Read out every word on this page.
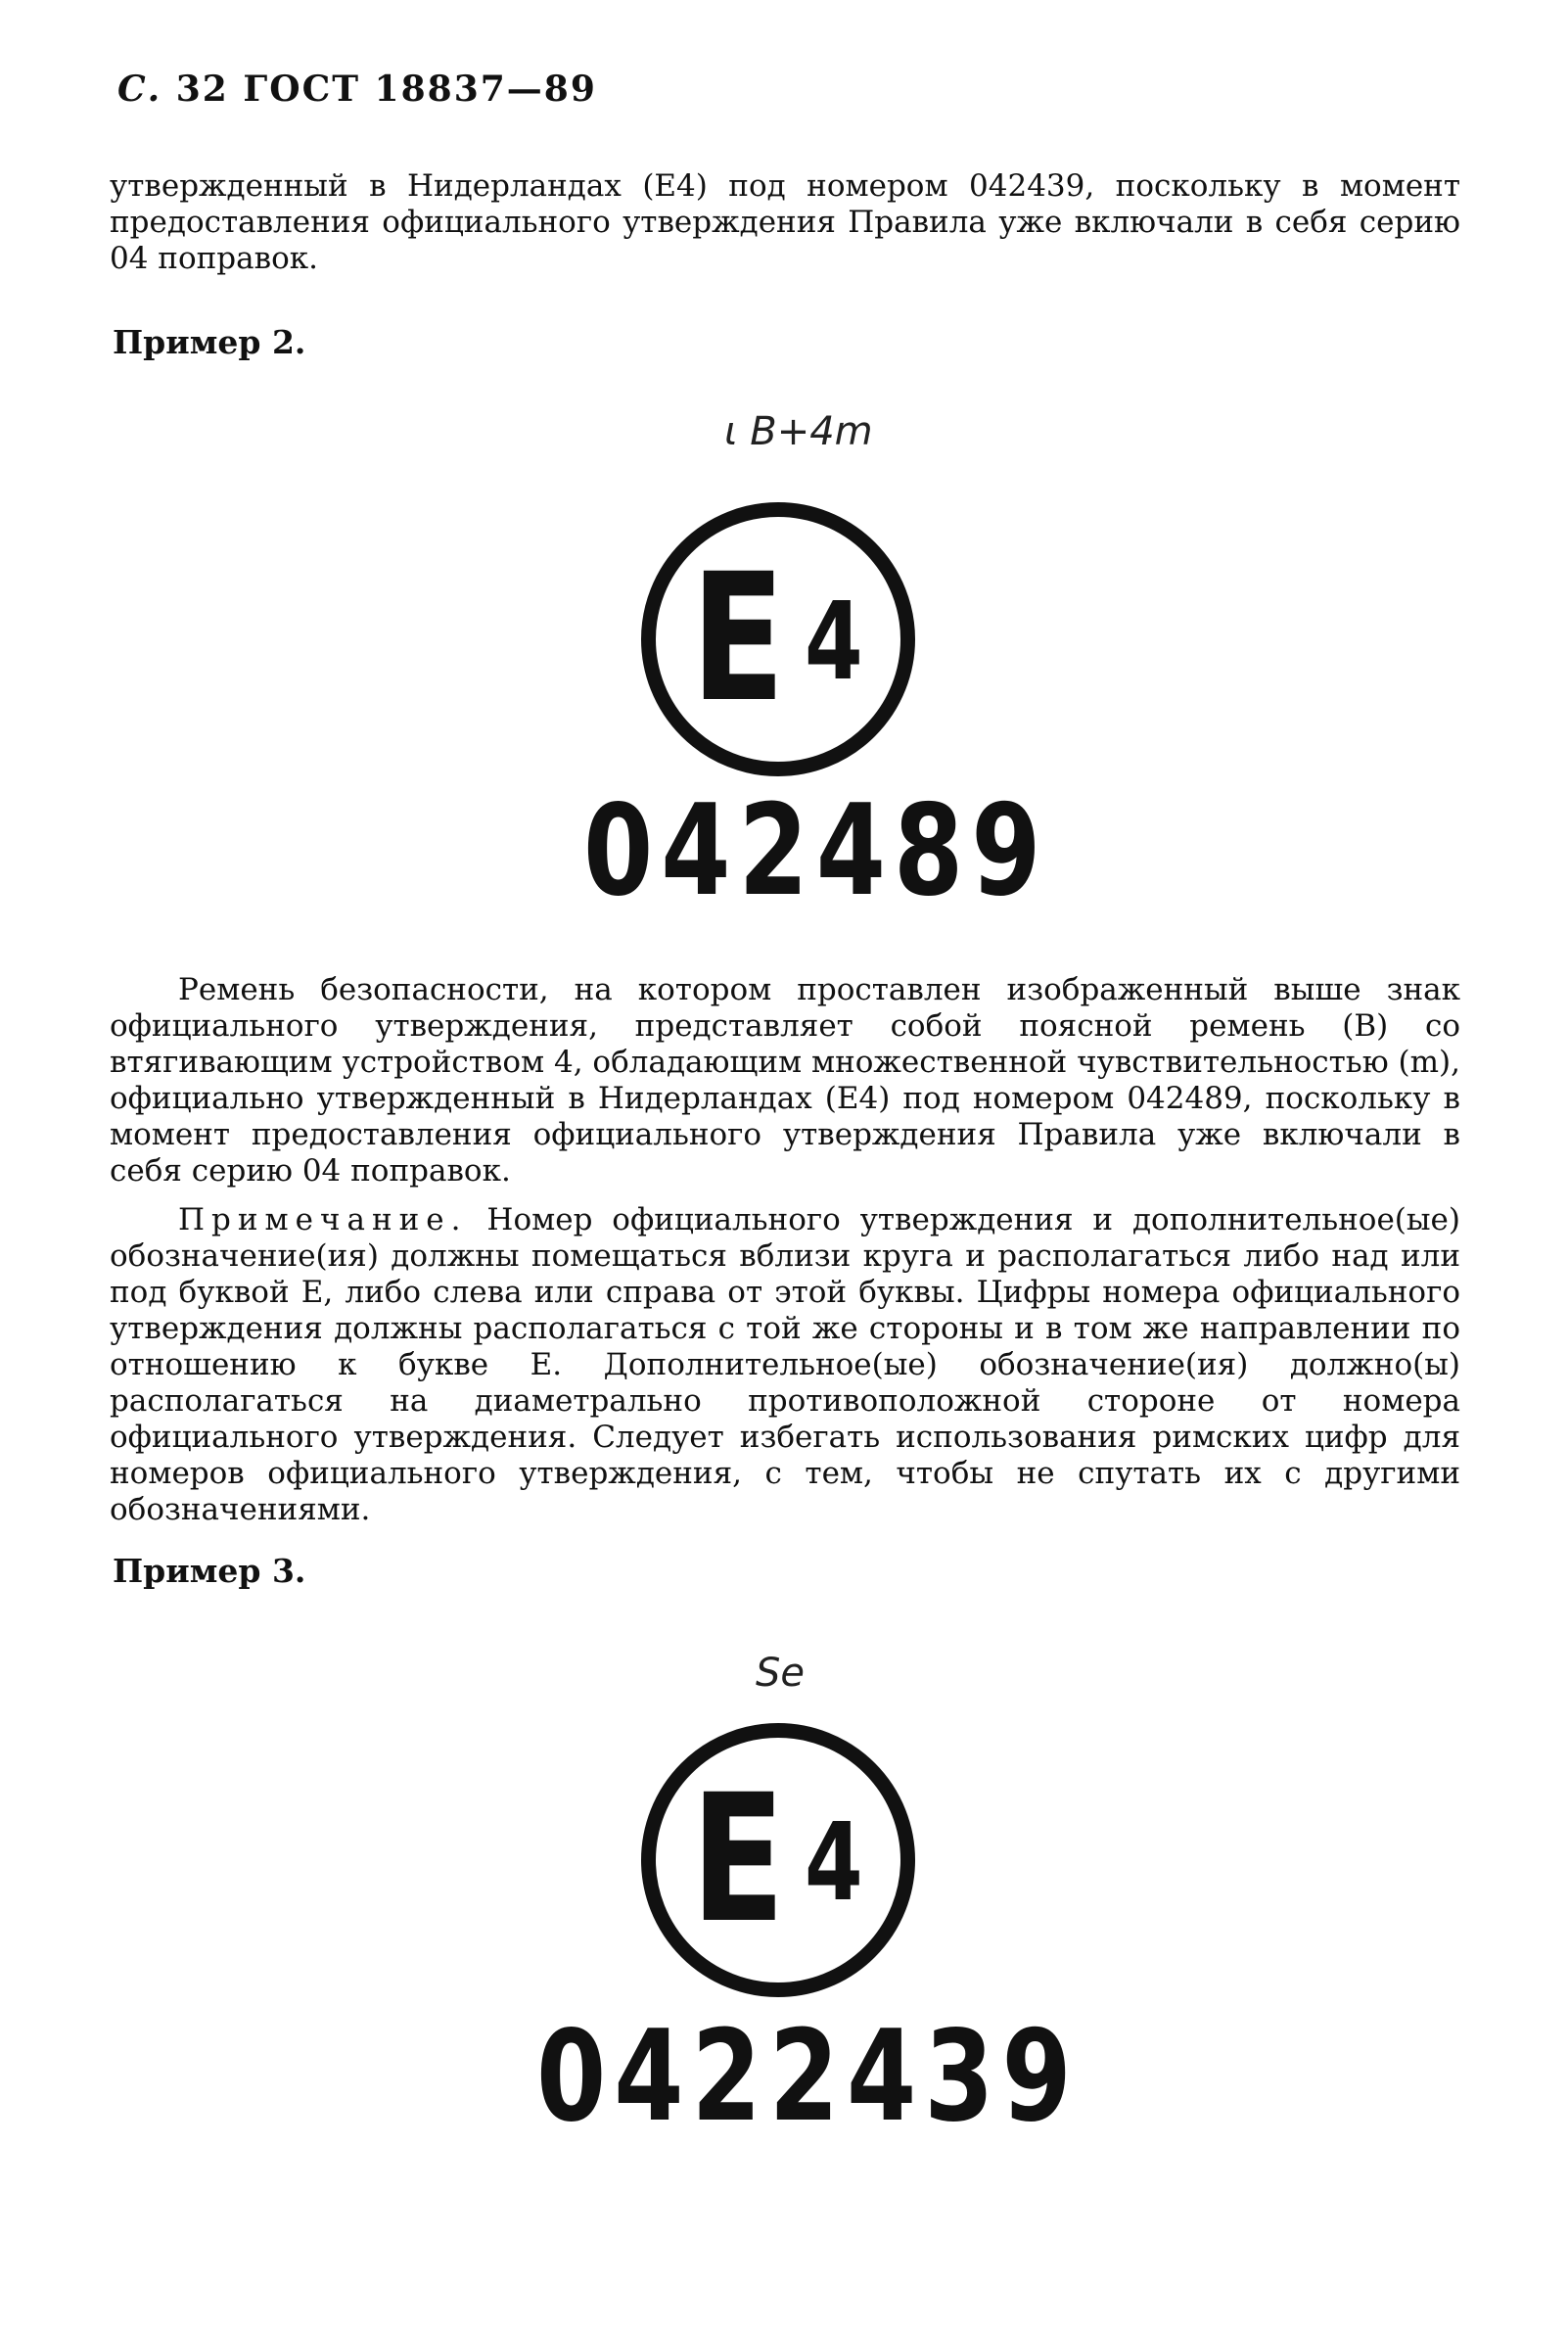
С. 32 ГОСТ 18837—89

утвержденный в Нидерландах (Е4) под номером 042439, поскольку в момент предоставления официального утверждения Правила уже включали в себя серию 04 поправок.

Пример 2.
ι B+4m
E 4
042489

Ремень безопасности, на котором проставлен изображенный выше знак официального утверждения, представляет собой поясной ремень (В) со втягивающим устройством 4, обладающим множественной чувствительностью (m), официально утвержденный в Нидерландах (Е4) под номером 042489, поскольку в момент предоставления официального утверждения Правила уже включали в себя серию 04 поправок.

Примечание. Номер официального утверждения и дополнительное(ые) обозначение(ия) должны помещаться вблизи круга и располагаться либо над или под буквой Е, либо слева или справа от этой буквы. Цифры номера официального утверждения должны располагаться с той же стороны и в том же направлении по отношению к букве Е. Дополнительное(ые) обозначение(ия) должно(ы) располагаться на диаметрально противоположной стороне от номера официального утверждения. Следует избегать использования римских цифр для номеров официального утверждения, с тем, чтобы не спутать их с другими обозначениями.

Пример 3.
Se
E 4
0422439
